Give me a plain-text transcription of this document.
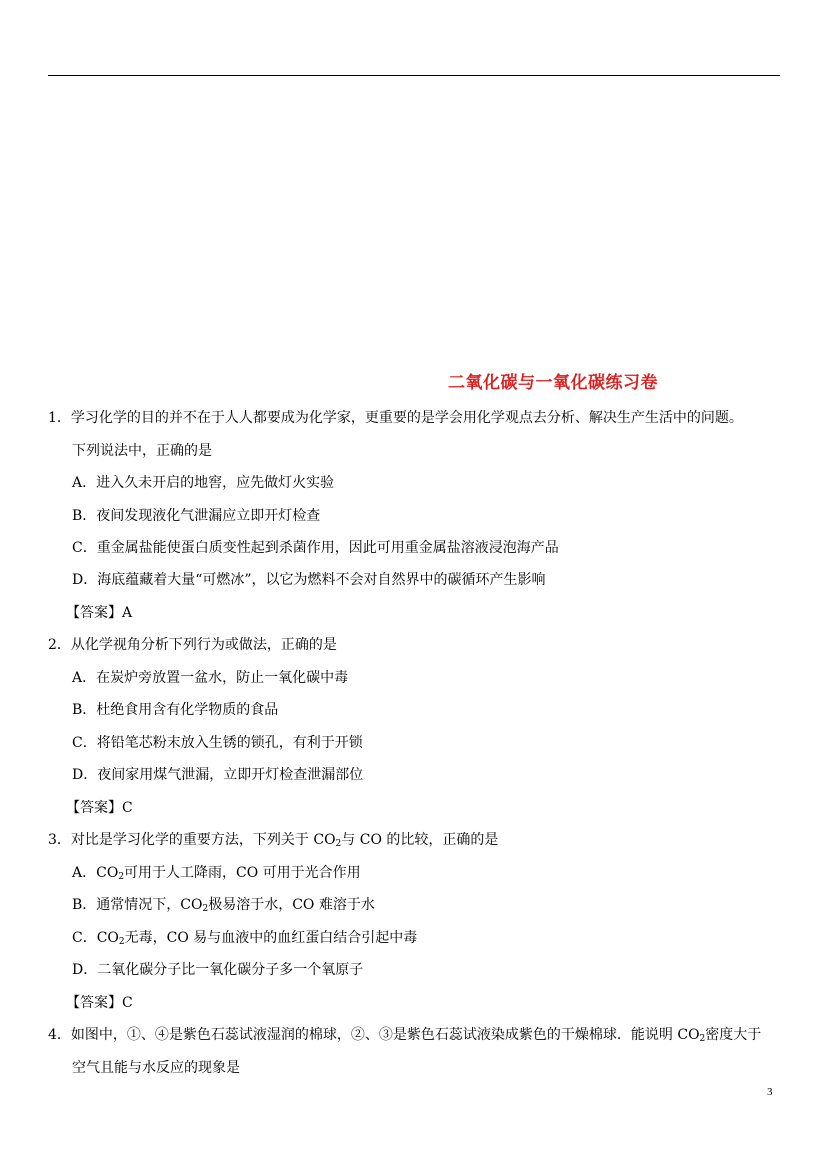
二氧化碳与一氧化碳练习卷
1．学习化学的目的并不在于人人都要成为化学家，更重要的是学会用化学观点去分析、解决生产生活中的问题。
下列说法中，正确的是
A．进入久未开启的地窖，应先做灯火实验
B．夜间发现液化气泄漏应立即开灯检查
C．重金属盐能使蛋白质变性起到杀菌作用，因此可用重金属盐溶液浸泡海产品
D．海底蕴藏着大量“可燃冰”，以它为燃料不会对自然界中的碳循环产生影响
【答案】A
2．从化学视角分析下列行为或做法，正确的是
A．在炭炉旁放置一盆水，防止一氧化碳中毒
B．杜绝食用含有化学物质的食品
C．将铅笔芯粉末放入生锈的锁孔，有利于开锁
D．夜间家用煤气泄漏，立即开灯检查泄漏部位
【答案】C
3．对比是学习化学的重要方法，下列关于 $CO_2$与 CO 的比较，正确的是
A．$CO_2$可用于人工降雨，CO 可用于光合作用
B．通常情况下，$CO_2$极易溶于水，CO 难溶于水
C．$CO_2$无毒，CO 易与血液中的血红蛋白结合引起中毒
D．二氧化碳分子比一氧化碳分子多一个氧原子
【答案】C
4．如图中，①、④是紫色石蕊试液湿润的棉球，②、③是紫色石蕊试液染成紫色的干燥棉球．能说明 $CO_2$密度大于
空气且能与水反应的现象是
3
